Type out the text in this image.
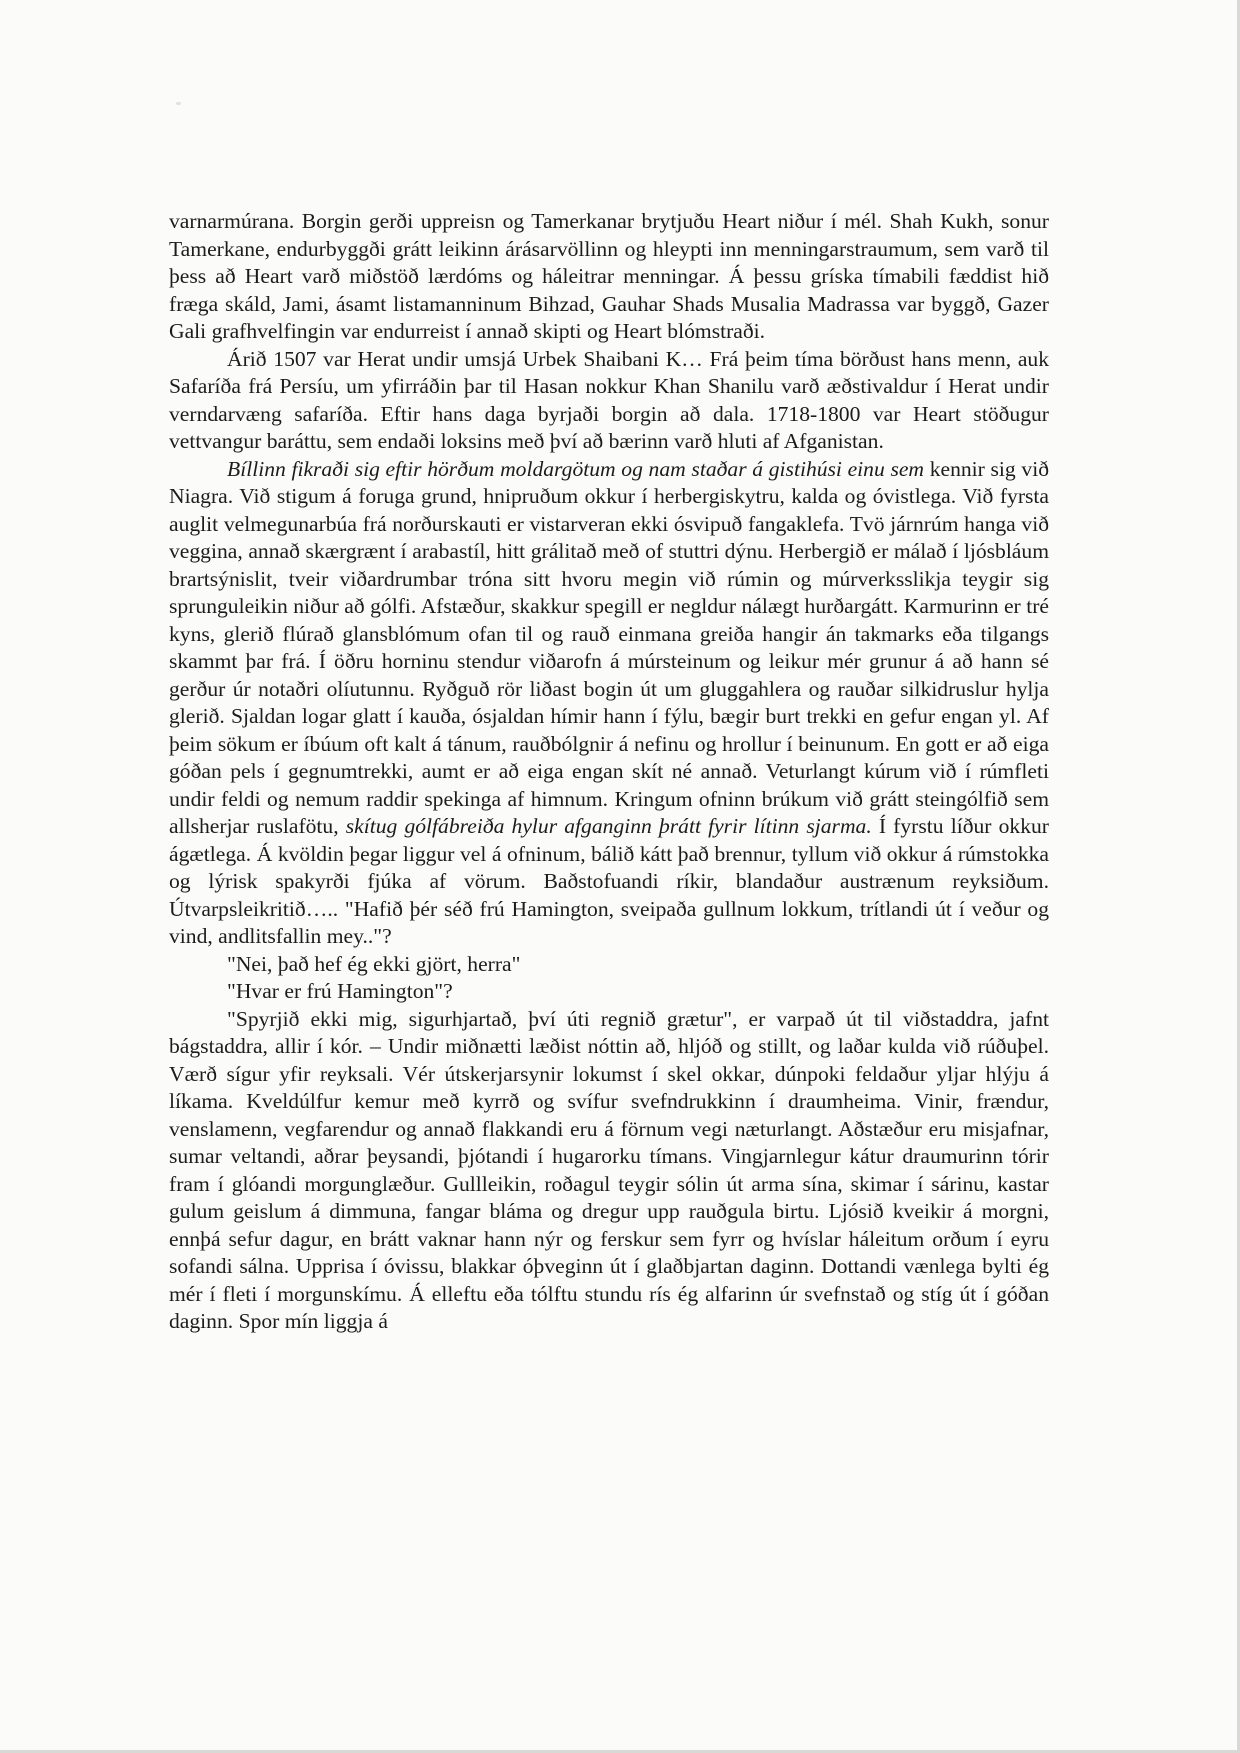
varnarmúrana. Borgin gerði uppreisn og Tamerkanar brytjuðu Heart niður í mél. Shah Kukh, sonur Tamerkane, endurbyggði grátt leikinn árásarvöllinn og hleypti inn menningarstraumum, sem varð til þess að Heart varð miðstöð lærdóms og háleitrar menningar. Á þessu gríska tímabili fæddist hið fræga skáld, Jami, ásamt listamanninum Bihzad, Gauhar Shads Musalia Madrassa var byggð, Gazer Gali grafhvelfingin var endurreist í annað skipti og Heart blómstraði.

Árið 1507 var Herat undir umsjá Urbek Shaibani K… Frá þeim tíma börðust hans menn, auk Safaríða frá Persíu, um yfirráðin þar til Hasan nokkur Khan Shanilu varð æðstivaldur í Herat undir verndarvæng safaríða. Eftir hans daga byrjaði borgin að dala. 1718-1800 var Heart stöðugur vettvangur baráttu, sem endaði loksins með því að bærinn varð hluti af Afganistan.

Bíllinn fikraði sig eftir hörðum moldargötum og nam staðar á gistihúsi einu sem kennir sig við Niagra. Við stigum á foruga grund, hnipruðum okkur í herbergiskytru, kalda og óvistlega. Við fyrsta auglit velmegunarbúa frá norðurskauti er vistarveran ekki ósvipuð fangaklefa. Tvö járnrúm hanga við veggina, annað skærgrænt í arabastíl, hitt grálitað með of stuttri dýnu. Herbergið er málað í ljósbláum brartsýnislit, tveir viðardrumbar tróna sitt hvoru megin við rúmin og múrverksslikja teygir sig sprunguleikin niður að gólfi. Afstæður, skakkur spegill er negldur nálægt hurðargátt. Karmurinn er tré kyns, glerið flúrað glansblómum ofan til og rauð einmana greiða hangir án takmarks eða tilgangs skammt þar frá. Í öðru horninu stendur viðarofn á múrsteinum og leikur mér grunur á að hann sé gerður úr notaðri olíutunnu. Ryðguð rör liðast bogin út um gluggahlera og rauðar silkidruslur hylja glerið. Sjaldan logar glatt í kauða, ósjaldan hímir hann í fýlu, bægir burt trekki en gefur engan yl. Af þeim sökum er íbúum oft kalt á tánum, rauðbólgnir á nefinu og hrollur í beinunum. En gott er að eiga góðan pels í gegnumtrekki, aumt er að eiga engan skít né annað. Veturlangt kúrum við í rúmfleti undir feldi og nemum raddir spekinga af himnum. Kringum ofninn brúkum við grátt steingólfið sem allsherjar ruslafötu, skítug gólfábreiða hylur afganginn þrátt fyrir lítinn sjarma. Í fyrstu líður okkur ágætlega. Á kvöldin þegar liggur vel á ofninum, bálið kátt það brennur, tyllum við okkur á rúmstokka og lýrisk spakyrði fjúka af vörum. Baðstofuandi ríkir, blandaður austrænum reyksiðum. Útvarpsleikritið….. "Hafið þér séð frú Hamington, sveipaða gullnum lokkum, trítlandi út í veður og vind, andlitsfallin mey.."?

"Nei, það hef ég ekki gjört, herra"

"Hvar er frú Hamington"?

"Spyrjið ekki mig, sigurhjartað, því úti regnið grætur", er varpað út til viðstaddra, jafnt bágstaddra, allir í kór. – Undir miðnætti læðist nóttin að, hljóð og stillt, og laðar kulda við rúðuþel. Værð sígur yfir reyksali. Vér útskerjarsynir lokumst í skel okkar, dúnpoki feldaður yljar hlýju á líkama. Kveldúlfur kemur með kyrrð og svífur svefndrukkinn í draumheima. Vinir, frændur, venslamenn, vegfarendur og annað flakkandi eru á förnum vegi næturlangt. Aðstæður eru misjafnar, sumar veltandi, aðrar þeysandi, þjótandi í hugarorku tímans. Vingjarnlegur kátur draumurinn tórir fram í glóandi morgunglæður. Gullleikin, roðagul teygir sólin út arma sína, skimar í sárinu, kastar gulum geislum á dimmuna, fangar bláma og dregur upp rauðgula birtu. Ljósið kveikir á morgni, ennþá sefur dagur, en brátt vaknar hann nýr og ferskur sem fyrr og hvíslar háleitum orðum í eyru sofandi sálna. Upprisa í óvissu, blakkar óþveginn út í glaðbjartan daginn. Dottandi vænlega bylti ég mér í fleti í morgunskímu. Á elleftu eða tólftu stundu rís ég alfarinn úr svefnstað og stíg út í góðan daginn. Spor mín liggja á
